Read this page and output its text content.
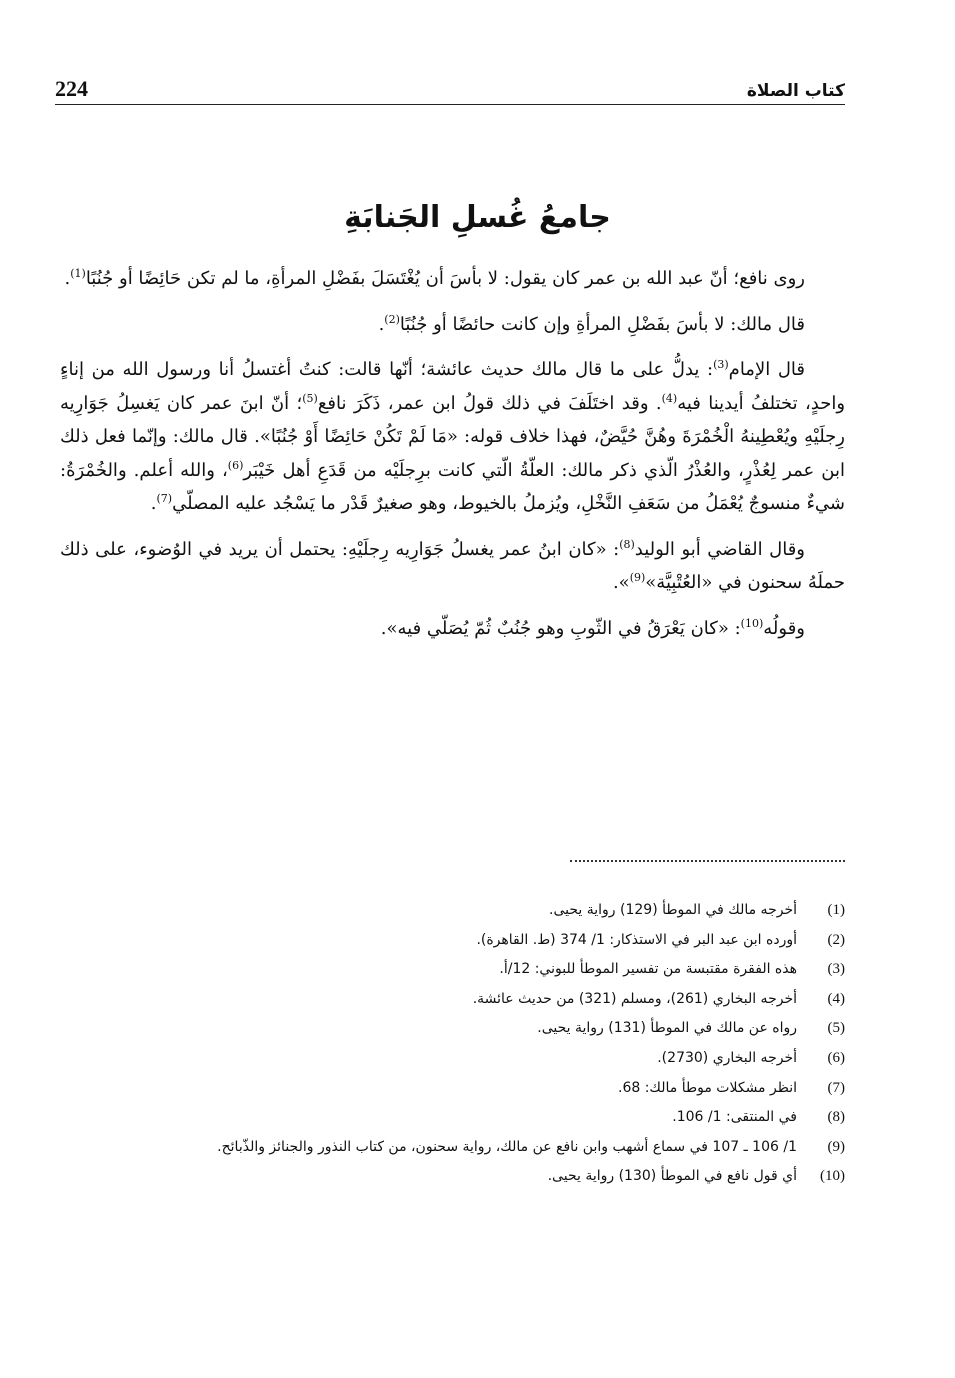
كتاب الصلاة
224
جامعُ غُسلِ الجَنابَةِ

روى نافع؛ أنّ عبد الله بن عمر كان يقول: لا بأسَ أن يُغْتَسَلَ بفَضْلِ المرأةِ، ما لم تكن حَائِضًا أو جُنُبًا$^{(1)}$.

قال مالك: لا بأسَ بفَضْلِ المرأةِ وإن كانت حائضًا أو جُنُبًا$^{(2)}$.

قال الإمام$^{(3)}$: يدلُّ على ما قال مالك حديث عائشة؛ أنّها قالت: كنتُ أغتسلُ أنا ورسول الله من إناءٍ واحدٍ، تختلفُ أيدينا فيه$^{(4)}$. وقد اختَلَفَ في ذلك قولُ ابن عمر، ذَكَرَ نافع$^{(5)}$؛ أنّ ابنَ عمر كان يَغسِلُ جَوَارِيه رِجلَيْهِ ويُعْطِينهُ الْخُمْرَةَ وهُنَّ حُيَّضٌ، فهذا خلاف قوله: «مَا لَمْ تَكُنْ حَائِضًا أَوْ جُنُبًا». قال مالك: وإنّما فعل ذلك ابن عمر لِعُذْرٍ، والعُذْرُ الّذي ذكر مالك: العلّةُ الّتي كانت برِجلَيْه من قَدَعِ أهل خَيْبَر$^{(6)}$، والله أعلم. والخُمْرَةُ: شيءٌ منسوجٌ يُعْمَلُ من سَعَفِ النَّخْلِ، ويُزملُ بالخيوط، وهو صغيرٌ قَدْر ما يَسْجُد عليه المصلّي$^{(7)}$.

وقال القاضي أبو الوليد$^{(8)}$: «كان ابنُ عمر يغسلُ جَوَارِيه رِجلَيْهِ: يحتمل أن يريد في الوُضوء، على ذلك حملَهُ سحنون في «العُتْبِيَّة»$^{(9)}$».

وقولُه$^{(10)}$: «كان يَعْرَقُ في الثّوبِ وهو جُنُبٌ ثُمّ يُصَلّي فيه».

(1)
أخرجه مالك في الموطأ (129) رواية يحيى.
(2)
أورده ابن عبد البر في الاستذكار: 1/ 374 (ط. القاهرة).
(3)
هذه الفقرة مقتبسة من تفسير الموطأ للبوني: 12/أ.
(4)
أخرجه البخاري (261)، ومسلم (321) من حديث عائشة.
(5)
رواه عن مالك في الموطأ (131) رواية يحيى.
(6)
أخرجه البخاري (2730).
(7)
انظر مشكلات موطأ مالك: 68.
(8)
في المنتقى: 1/ 106.
(9)
1/ 106 ـ 107 في سماع أشهب وابن نافع عن مالك، رواية سحنون، من كتاب النذور والجنائز والذّبائح.
(10)
أي قول نافع في الموطأ (130) رواية يحيى.
